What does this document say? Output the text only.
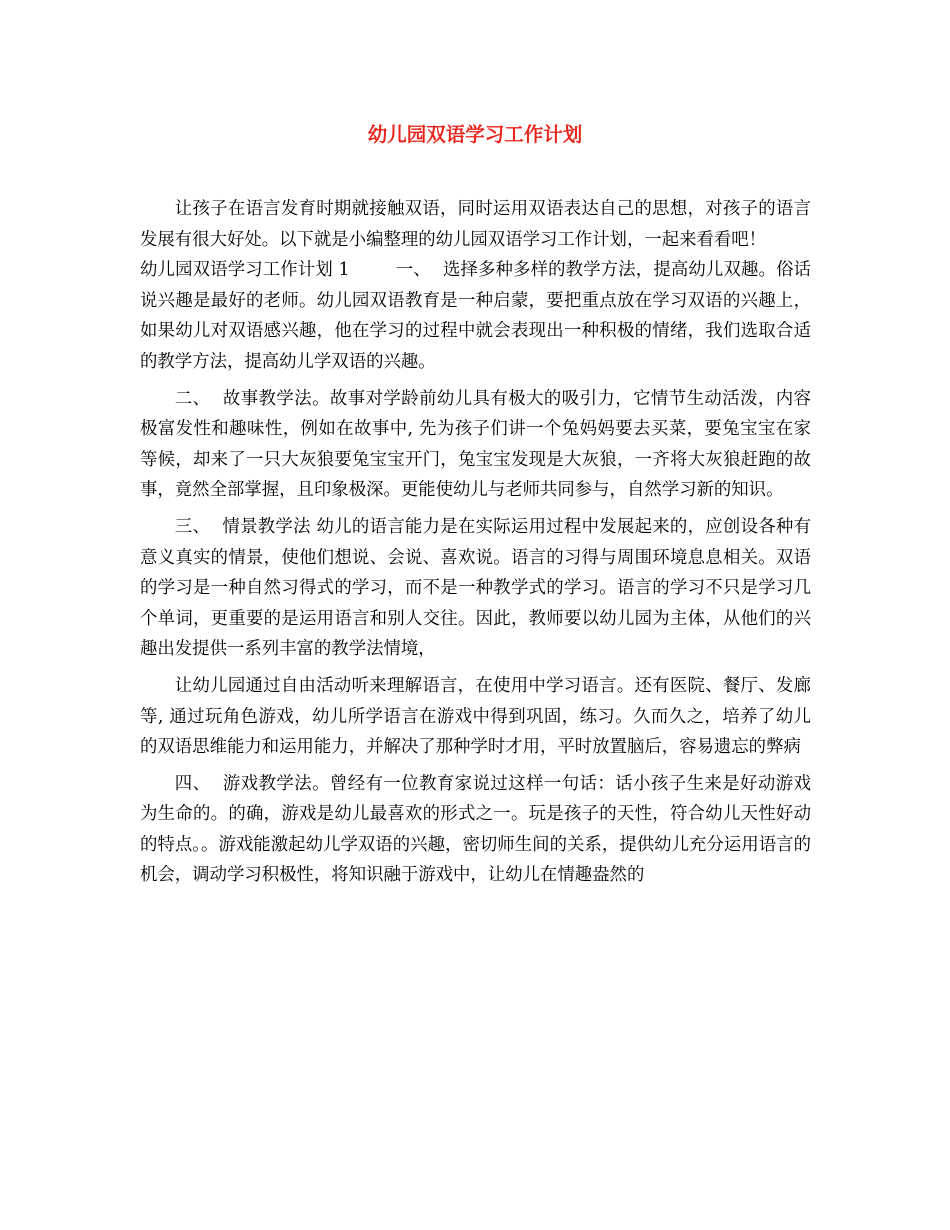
幼儿园双语学习工作计划

让孩子在语言发育时期就接触双语，同时运用双语表达自己的思想，对孩子的语言发展有很大好处。以下就是小编整理的幼儿园双语学习工作计划，一起来看看吧！

幼儿园双语学习工作计划 1	一、 选择多种多样的教学方法，提高幼儿双趣。俗话说兴趣是最好的老师。幼儿园双语教育是一种启蒙，要把重点放在学习双语的兴趣上，如果幼儿对双语感兴趣，他在学习的过程中就会表现出一种积极的情绪，我们选取合适的教学方法，提高幼儿学双语的兴趣。

二、 故事教学法。故事对学龄前幼儿具有极大的吸引力，它情节生动活泼，内容极富发性和趣味性，例如在故事中, 先为孩子们讲一个兔妈妈要去买菜，要兔宝宝在家等候，却来了一只大灰狼要兔宝宝开门，兔宝宝发现是大灰狼，一齐将大灰狼赶跑的故事，竟然全部掌握，且印象极深。更能使幼儿与老师共同参与，自然学习新的知识。

三、 情景教学法 幼儿的语言能力是在实际运用过程中发展起来的，应创设各种有意义真实的情景，使他们想说、会说、喜欢说。语言的习得与周围环境息息相关。双语的学习是一种自然习得式的学习，而不是一种教学式的学习。语言的学习不只是学习几个单词，更重要的是运用语言和别人交往。因此，教师要以幼儿园为主体，从他们的兴趣出发提供一系列丰富的教学法情境，

让幼儿园通过自由活动听来理解语言，在使用中学习语言。还有医院、餐厅、发廊等, 通过玩角色游戏，幼儿所学语言在游戏中得到巩固，练习。久而久之，培养了幼儿的双语思维能力和运用能力，并解决了那种学时才用，平时放置脑后，容易遗忘的弊病

四、 游戏教学法。曾经有一位教育家说过这样一句话：话小孩子生来是好动游戏为生命的。的确，游戏是幼儿最喜欢的形式之一。玩是孩子的天性，符合幼儿天性好动的特点。。游戏能激起幼儿学双语的兴趣，密切师生间的关系，提供幼儿充分运用语言的机会，调动学习积极性，将知识融于游戏中，让幼儿在情趣盎然的
